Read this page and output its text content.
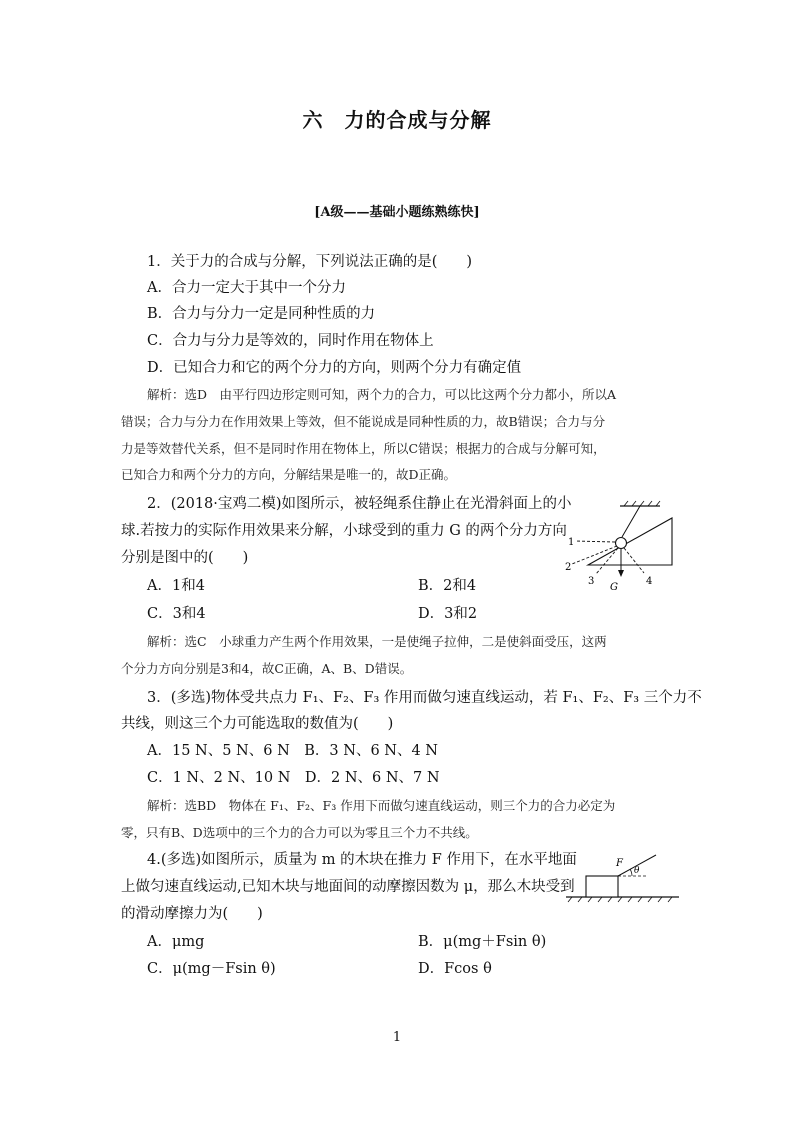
六　力的合成与分解
[A级——基础小题练熟练快]
1．关于力的合成与分解，下列说法正确的是(　　)
A．合力一定大于其中一个分力
B．合力与分力一定是同种性质的力
C．合力与分力是等效的，同时作用在物体上
D．已知合力和它的两个分力的方向，则两个分力有确定值
解析：选D　由平行四边形定则可知，两个力的合力，可以比这两个分力都小，所以A
错误；合力与分力在作用效果上等效，但不能说成是同种性质的力，故B错误；合力与分
力是等效替代关系，但不是同时作用在物体上，所以C错误；根据力的合成与分解可知，
已知合力和两个分力的方向，分解结果是唯一的，故D正确。
2．(2018·宝鸡二模)如图所示，被轻绳系住静止在光滑斜面上的小
球.若按力的实际作用效果来分解，小球受到的重力 G 的两个分力方向
分别是图中的(　　)
A．1和4	B．2和4
C．3和4	D．3和2
1
2
3
G
4
解析：选C　小球重力产生两个作用效果，一是使绳子拉伸，二是使斜面受压，这两
个分力方向分别是3和4，故C正确，A、B、D错误。
3．(多选)物体受共点力 F₁、F₂、F₃ 作用而做匀速直线运动，若 F₁、F₂、F₃ 三个力不
共线，则这三个力可能选取的数值为(　　)
A．15 N、5 N、6 N　B．3 N、6 N、4 N
C．1 N、2 N、10 N　D．2 N、6 N、7 N
解析：选BD　物体在 F₁、F₂、F₃ 作用下而做匀速直线运动，则三个力的合力必定为
零，只有B、D选项中的三个力的合力可以为零且三个力不共线。
4.(多选)如图所示，质量为 m 的木块在推力 F 作用下，在水平地面
上做匀速直线运动,已知木块与地面间的动摩擦因数为 μ，那么木块受到
的滑动摩擦力为(　　)
A．μmg	B．μ(mg＋Fsin θ)
C．μ(mg－Fsin θ)	D．Fcos θ
F
θ
1
